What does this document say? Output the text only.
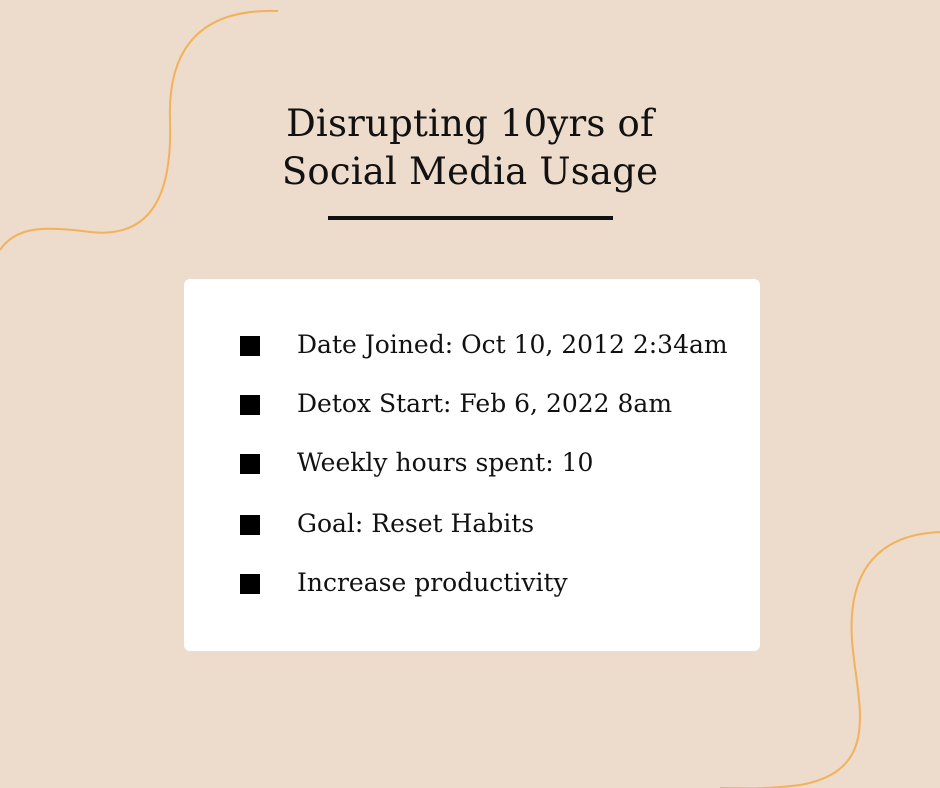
Disrupting 10yrs of
Social Media Usage
Date Joined: Oct 10, 2012 2:34am
Detox Start: Feb 6, 2022 8am
Weekly hours spent: 10
Goal: Reset Habits
Increase productivity
